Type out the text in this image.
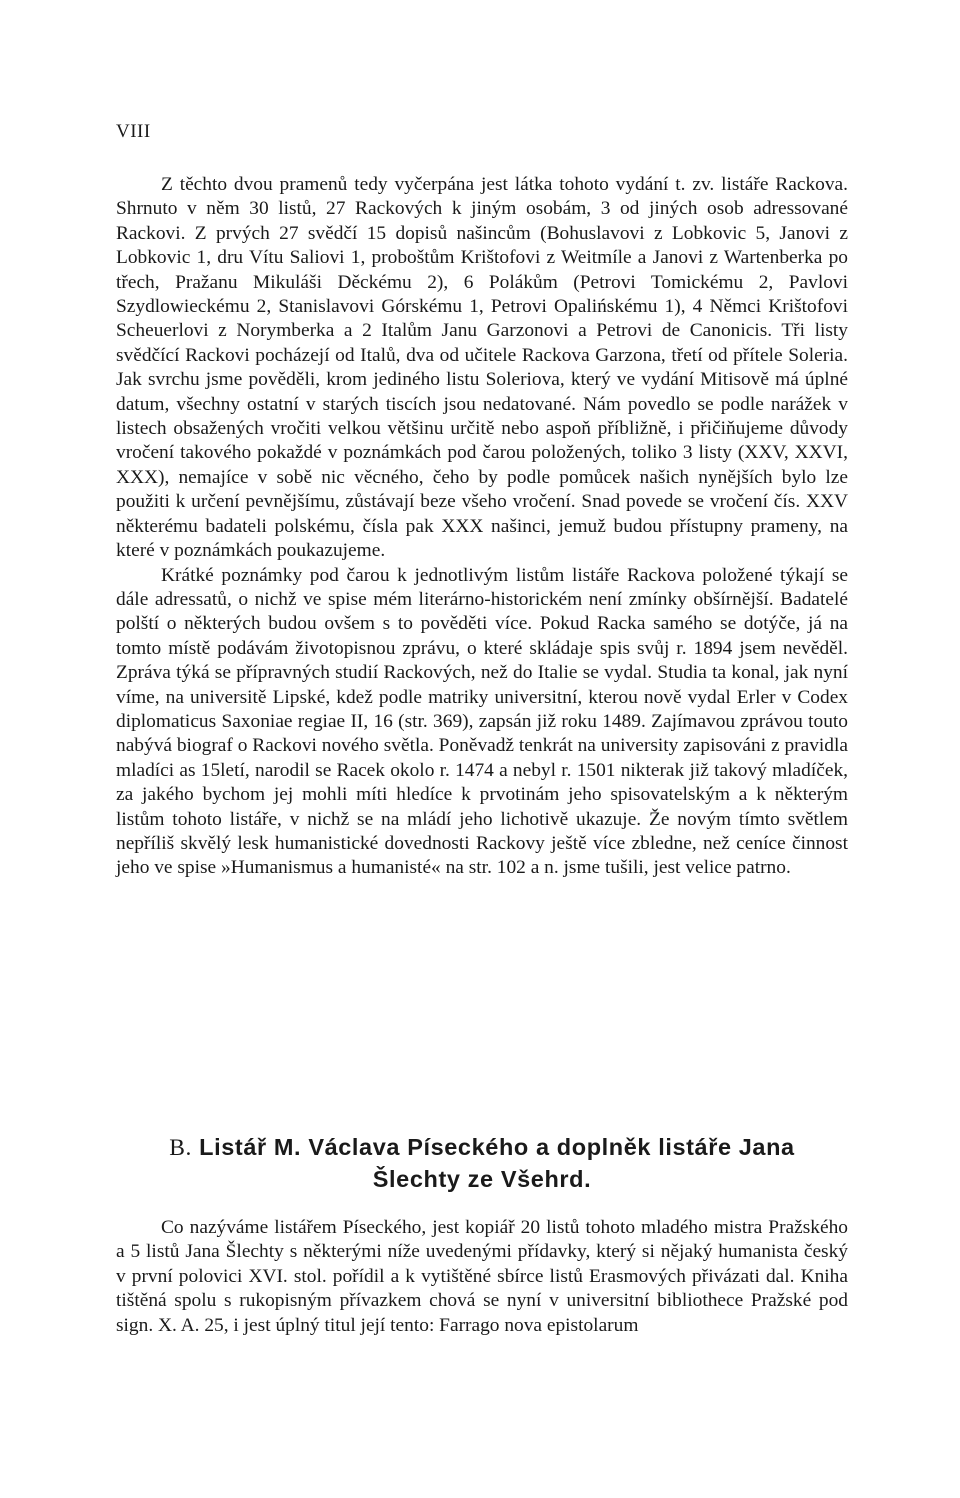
VIII

Z těchto dvou pramenů tedy vyčerpána jest látka tohoto vydání t. zv. listáře Rackova. Shrnuto v něm 30 listů, 27 Rackových k jiným osobám, 3 od jiných osob adressované Rackovi. Z prvých 27 svědčí 15 dopisů našincům (Bohuslavovi z Lobkovic 5, Janovi z Lobkovic 1, dru Vítu Saliovi 1, proboštům Krištofovi z Weitmíle a Janovi z Wartenberka po třech, Pražanu Mikuláši Děckému 2), 6 Polákům (Petrovi Tomickému 2, Pavlovi Szydlowieckému 2, Stanislavovi Górskému 1, Petrovi Opalińskému 1), 4 Němci Krištofovi Scheuerlovi z Norymberka a 2 Italům Janu Garzonovi a Petrovi de Canonicis. Tři listy svědčící Rackovi pocházejí od Italů, dva od učitele Rackova Garzona, třetí od přítele Soleria. Jak svrchu jsme pověděli, krom jediného listu Soleriova, který ve vydání Mitisově má úplné datum, všechny ostatní v starých tiscích jsou nedatované. Nám povedlo se podle narážek v listech obsažených vročiti velkou většinu určitě nebo aspoň příbližně, i přičiňujeme důvody vročení takového pokaždé v poznámkách pod čarou položených, toliko 3 listy (XXV, XXVI, XXX), nemajíce v sobě nic věcného, čeho by podle pomůcek našich nynějších bylo lze použiti k určení pevnějšímu, zůstávají beze všeho vročení. Snad povede se vročení čís. XXV některému badateli polskému, čísla pak XXX našinci, jemuž budou přístupny prameny, na které v poznámkách poukazujeme.

Krátké poznámky pod čarou k jednotlivým listům listáře Rackova položené týkají se dále adressatů, o nichž ve spise mém literárno-historickém není zmínky obšírnější. Badatelé polští o některých budou ovšem s to pověděti více. Pokud Racka samého se dotýče, já na tomto místě podávám životopisnou zprávu, o které skládaje spis svůj r. 1894 jsem nevěděl. Zpráva týká se přípravných studií Rackových, než do Italie se vydal. Studia ta konal, jak nyní víme, na universitě Lipské, kdež podle matriky universitní, kterou nově vydal Erler v Codex diplomaticus Saxoniae regiae II, 16 (str. 369), zapsán již roku 1489. Zajímavou zprávou touto nabývá biograf o Rackovi nového světla. Poněvadž tenkrát na university zapisováni z pravidla mladíci as 15letí, narodil se Racek okolo r. 1474 a nebyl r. 1501 nikterak již takový mladíček, za jakého bychom jej mohli míti hledíce k prvotinám jeho spisovatelským a k některým listům tohoto listáře, v nichž se na mládí jeho lichotivě ukazuje. Že novým tímto světlem nepříliš skvělý lesk humanistické dovednosti Rackovy ještě více zbledne, než ceníce činnost jeho ve spise »Humanismus a humanisté« na str. 102 a n. jsme tušili, jest velice patrno.

B. Listář M. Václava Píseckého a doplněk listáře Jana
Šlechty ze Všehrd.

Co nazýváme listářem Píseckého, jest kopiář 20 listů tohoto mladého mistra Pražského a 5 listů Jana Šlechty s některými níže uvedenými přídavky, který si nějaký humanista český v první polovici XVI. stol. pořídil a k vytištěné sbírce listů Erasmových přivázati dal. Kniha tištěná spolu s rukopisným přívazkem chová se nyní v universitní bibliothece Pražské pod sign. X. A. 25, i jest úplný titul její tento: Farrago nova epistolarum
